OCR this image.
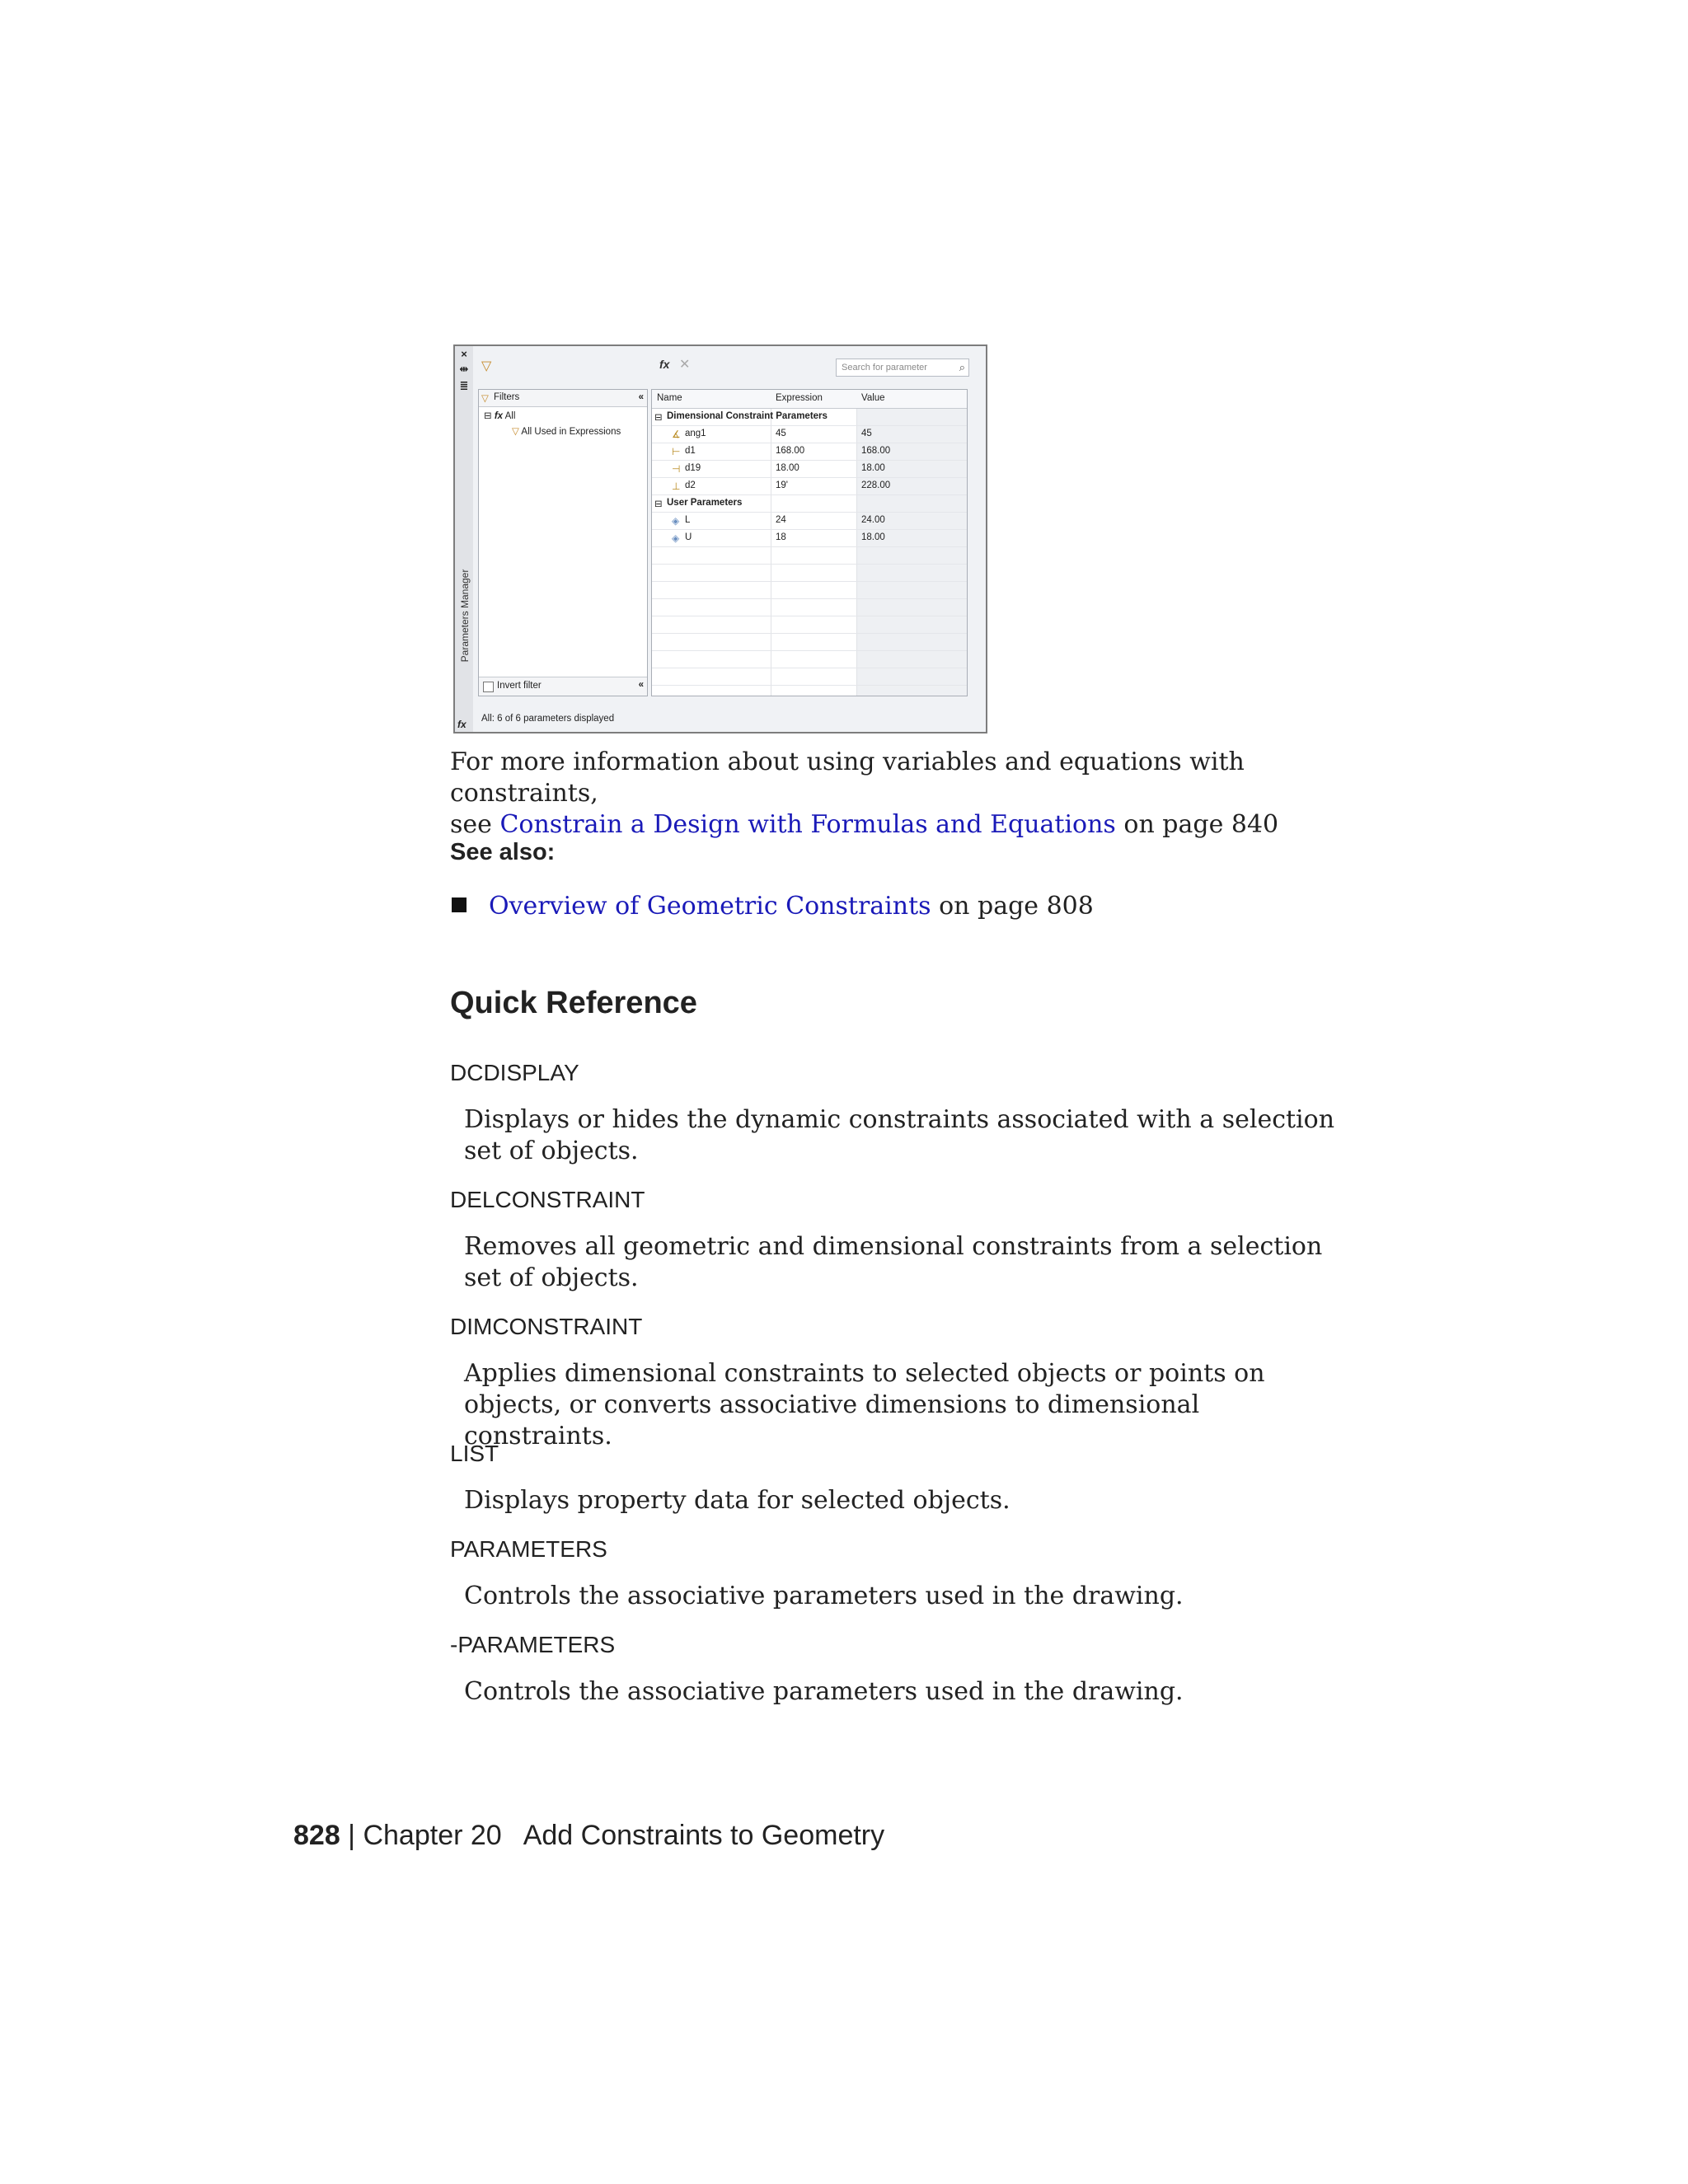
×
⇹
≣
Parameters Manager
fx
▽	fx ✕	Search for parameter	⌕
▽ Filters	«
⊟ fx All
▽ All Used in Expressions
Invert filter	«
Name	Expression	Value
⊟ Dimensional Constraint Parameters
∡ ang1	45	45
⊢ d1	168.00	168.00
⊣ d19	18.00	18.00
⊥ d2	19'	228.00
⊟ User Parameters
◈ L	24	24.00
◈ U	18	18.00
All: 6 of 6 parameters displayed
For more information about using variables and equations with constraints,
see Constrain a Design with Formulas and Equations on page 840
See also:
Overview of Geometric Constraints on page 808
Quick Reference
DCDISPLAY
Displays or hides the dynamic constraints associated with a selection set of objects.
DELCONSTRAINT
Removes all geometric and dimensional constraints from a selection set of objects.
DIMCONSTRAINT
Applies dimensional constraints to selected objects or points on objects, or converts associative dimensions to dimensional constraints.
LIST
Displays property data for selected objects.
PARAMETERS
Controls the associative parameters used in the drawing.
-PARAMETERS
Controls the associative parameters used in the drawing.
828 | Chapter 20 Add Constraints to Geometry
